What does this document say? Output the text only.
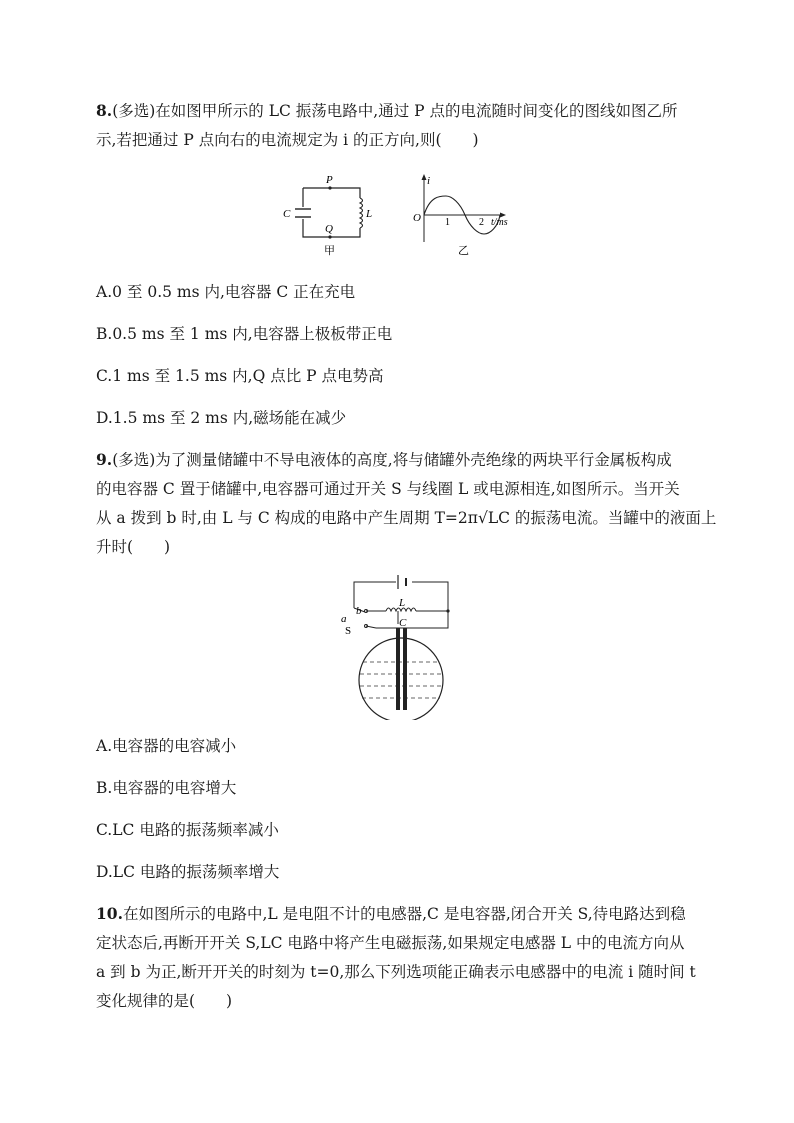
8.(多选)在如图甲所示的 LC 振荡电路中,通过 P 点的电流随时间变化的图线如图乙所
示,若把通过 P 点向右的电流规定为 i 的正方向,则(　　)
P
Q
C	L
甲
i
O 1	2 t/ms
乙
A.0 至 0.5 ms 内,电容器 C 正在充电
B.0.5 ms 至 1 ms 内,电容器上极板带正电
C.1 ms 至 1.5 ms 内,Q 点比 P 点电势高
D.1.5 ms 至 2 ms 内,磁场能在减少
9.(多选)为了测量储罐中不导电液体的高度,将与储罐外壳绝缘的两块平行金属板构成
的电容器 C 置于储罐中,电容器可通过开关 S 与线圈 L 或电源相连,如图所示。当开关
从 a 拨到 b 时,由 L 与 C 构成的电路中产生周期 T=2π√LC 的振荡电流。当罐中的液面上
升时(　　)
L
C
b
a
S
A.电容器的电容减小
B.电容器的电容增大
C.LC 电路的振荡频率减小
D.LC 电路的振荡频率增大
10.在如图所示的电路中,L 是电阻不计的电感器,C 是电容器,闭合开关 S,待电路达到稳
定状态后,再断开开关 S,LC 电路中将产生电磁振荡,如果规定电感器 L 中的电流方向从
a 到 b 为正,断开开关的时刻为 t=0,那么下列选项能正确表示电感器中的电流 i 随时间 t
变化规律的是(　　)
